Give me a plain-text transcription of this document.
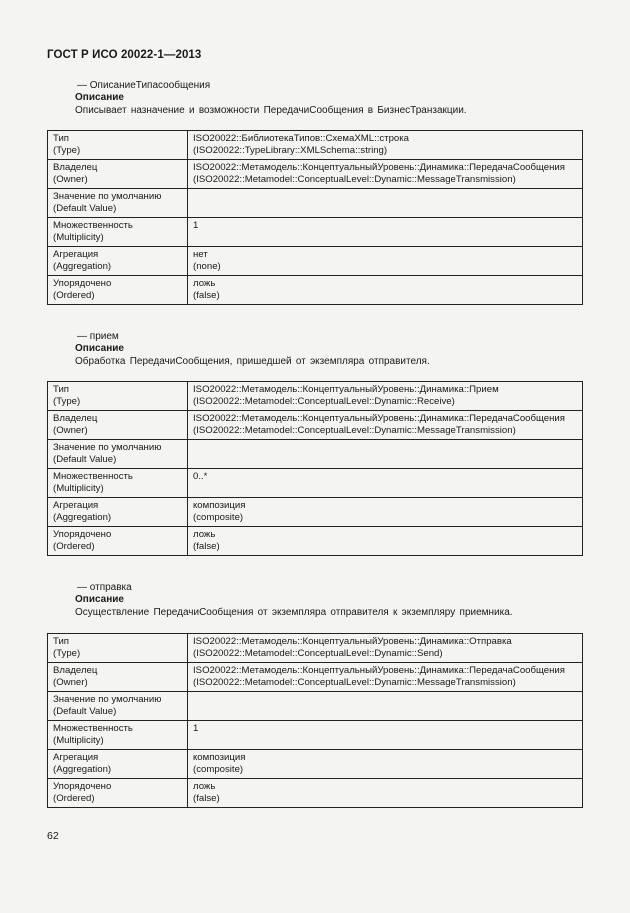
ГОСТ Р ИСО 20022-1—2013
— ОписаниеТипасообщения
Описание
Описывает назначение и возможности ПередачиСообщения в БизнесТранзакции.
Тип
(Type)	ISO20022::БиблиотекаТипов::СхемаXML::строка
(ISO20022::TypeLibrary::XMLSchema::string)

Владелец
(Owner)	ISO20022::Метамодель::КонцептуальныйУровень::Динамика::ПередачаСообщения
(ISO20022::Metamodel::ConceptualLevel::Dynamic::MessageTransmission)

Значение по умолчанию
(Default Value)	

Множественность
(Multiplicity)	1

Агрегация
(Aggregation)	нет
(none)

Упорядочено
(Ordered)	ложь
(false)
— прием
Описание
Обработка ПередачиСообщения, пришедшей от экземпляра отправителя.
Тип
(Type)	ISO20022::Метамодель::КонцептуальныйУровень::Динамика::Прием
(ISO20022::Metamodel::ConceptualLevel::Dynamic::Receive)

Владелец
(Owner)	ISO20022::Метамодель::КонцептуальныйУровень::Динамика::ПередачаСообщения
(ISO20022::Metamodel::ConceptualLevel::Dynamic::MessageTransmission)

Значение по умолчанию
(Default Value)	

Множественность
(Multiplicity)	0..*

Агрегация
(Aggregation)	композиция
(composite)

Упорядочено
(Ordered)	ложь
(false)
— отправка
Описание
Осуществление ПередачиСообщения от экземпляра отправителя к экземпляру приемника.
Тип
(Type)	ISO20022::Метамодель::КонцептуальныйУровень::Динамика::Отправка
(ISO20022::Metamodel::ConceptualLevel::Dynamic::Send)

Владелец
(Owner)	ISO20022::Метамодель::КонцептуальныйУровень::Динамика::ПередачаСообщения
(ISO20022::Metamodel::ConceptualLevel::Dynamic::MessageTransmission)

Значение по умолчанию
(Default Value)	

Множественность
(Multiplicity)	1

Агрегация
(Aggregation)	композиция
(composite)

Упорядочено
(Ordered)	ложь
(false)
62
